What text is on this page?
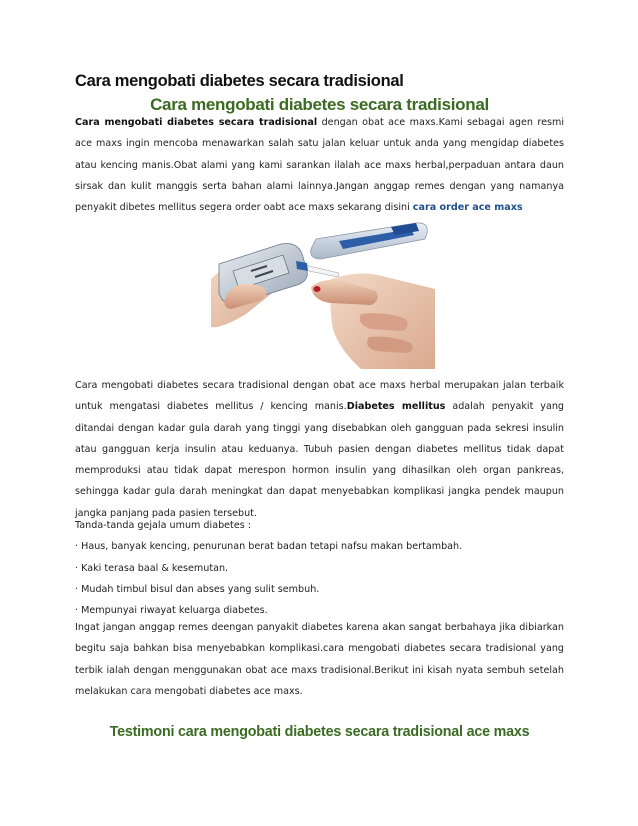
Cara mengobati diabetes secara tradisional
Cara mengobati diabetes secara tradisional

Cara mengobati diabetes secara tradisional dengan obat ace maxs.Kami sebagai agen resmi ace maxs ingin mencoba menawarkan salah satu jalan keluar untuk anda yang mengidap diabetes atau kencing manis.Obat alami yang kami sarankan ilalah ace maxs herbal,perpaduan antara daun sirsak dan kulit manggis serta bahan alami lainnya.Jangan anggap remes dengan yang namanya penyakit dibetes mellitus segera order oabt ace maxs sekarang disini cara order ace maxs

Cara mengobati diabetes secara tradisional dengan obat ace maxs herbal merupakan jalan terbaik untuk mengatasi diabetes mellitus / kencing manis.Diabetes mellitus adalah penyakit yang ditandai dengan kadar gula darah yang tinggi yang disebabkan oleh gangguan pada sekresi insulin atau gangguan kerja insulin atau keduanya. Tubuh pasien dengan diabetes mellitus tidak dapat memproduksi atau tidak dapat merespon hormon insulin yang dihasilkan oleh organ pankreas, sehingga kadar gula darah meningkat dan dapat menyebabkan komplikasi jangka pendek maupun jangka panjang pada pasien tersebut.

Tanda-tanda gejala umum diabetes :
· Haus, banyak kencing, penurunan berat badan tetapi nafsu makan bertambah.
· Kaki terasa baal & kesemutan.
· Mudah timbul bisul dan abses yang sulit sembuh.
· Mempunyai riwayat keluarga diabetes.

Ingat jangan anggap remes deengan panyakit diabetes karena akan sangat berbahaya jika dibiarkan begitu saja bahkan bisa menyebabkan komplikasi.cara mengobati diabetes secara tradisional yang terbik ialah dengan menggunakan obat ace maxs tradisional.Berikut ini kisah nyata sembuh setelah melakukan cara mengobati diabetes ace maxs.

Testimoni cara mengobati diabetes secara tradisional ace maxs
